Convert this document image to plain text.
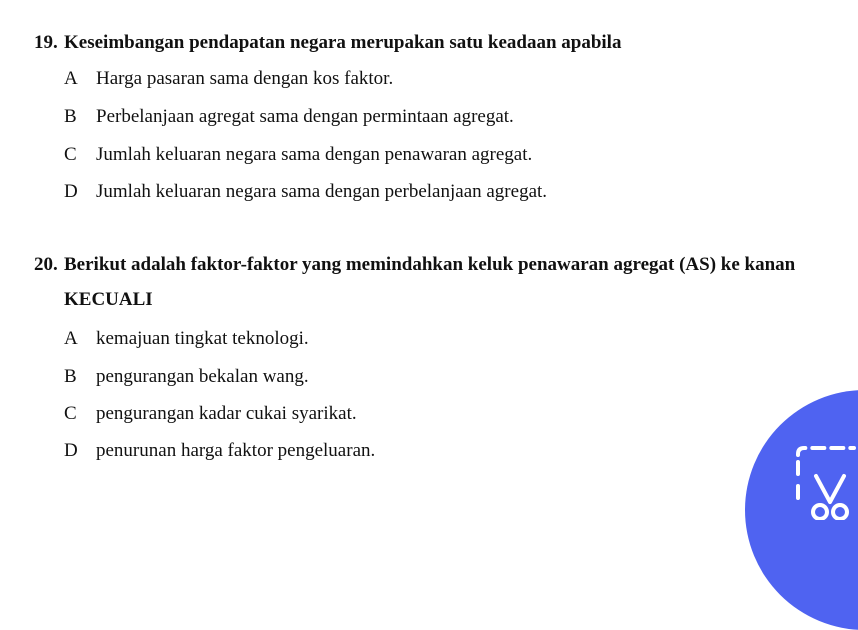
19. Keseimbangan pendapatan negara merupakan satu keadaan apabila
A Harga pasaran sama dengan kos faktor.
B Perbelanjaan agregat sama dengan permintaan agregat.
C Jumlah keluaran negara sama dengan penawaran agregat.
D Jumlah keluaran negara sama dengan perbelanjaan agregat.
20. Berikut adalah faktor-faktor yang memindahkan keluk penawaran agregat (AS) ke kanan
KECUALI
A kemajuan tingkat teknologi.
B pengurangan bekalan wang.
C pengurangan kadar cukai syarikat.
D penurunan harga faktor pengeluaran.
